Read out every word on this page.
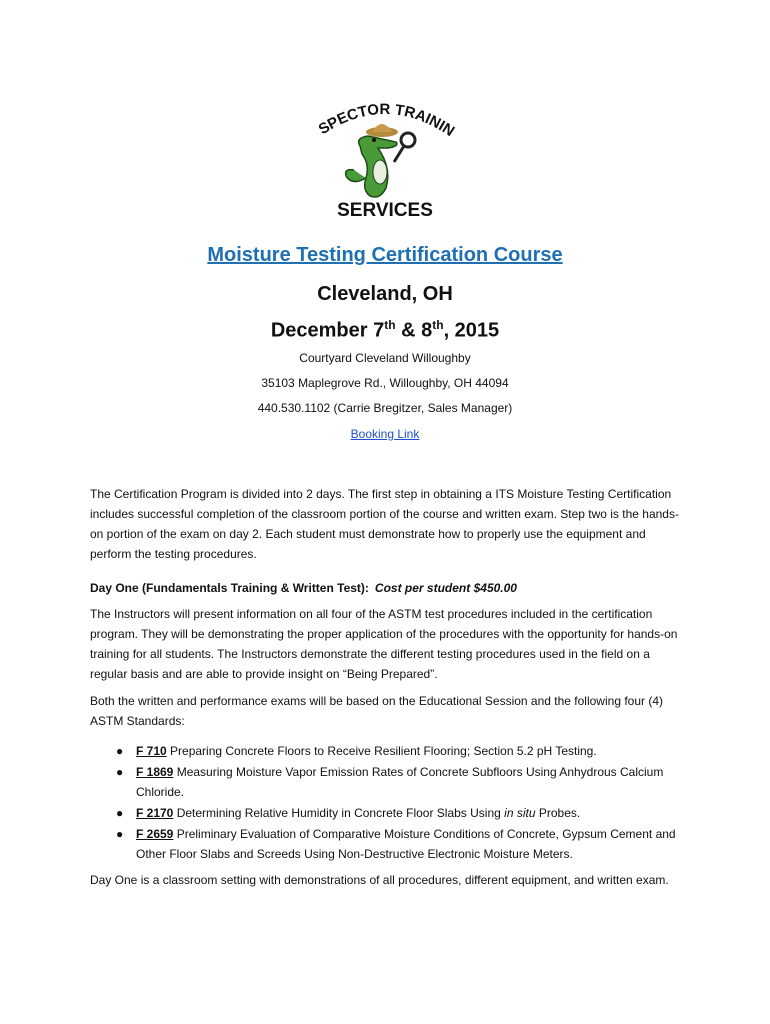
SPECTOR TRAININ
SERVICES
Moisture Testing Certification Course
Cleveland, OH
December 7th & 8th, 2015
Courtyard Cleveland Willoughby
35103 Maplegrove Rd., Willoughby, OH 44094
440.530.1102 (Carrie Bregitzer, Sales Manager)
Booking Link
The Certification Program is divided into 2 days. The first step in obtaining a ITS Moisture Testing Certification includes successful completion of the classroom portion of the course and written exam. Step two is the hands-on portion of the exam on day 2. Each student must demonstrate how to properly use the equipment and perform the testing procedures.
Day One (Fundamentals Training & Written Test): Cost per student $450.00
The Instructors will present information on all four of the ASTM test procedures included in the certification program. They will be demonstrating the proper application of the procedures with the opportunity for hands-on training for all students. The Instructors demonstrate the different testing procedures used in the field on a regular basis and are able to provide insight on “Being Prepared”.
Both the written and performance exams will be based on the Educational Session and the following four (4) ASTM Standards:
● F 710 Preparing Concrete Floors to Receive Resilient Flooring; Section 5.2 pH Testing.
● F 1869 Measuring Moisture Vapor Emission Rates of Concrete Subfloors Using Anhydrous Calcium Chloride.
● F 2170 Determining Relative Humidity in Concrete Floor Slabs Using in situ Probes.
● F 2659 Preliminary Evaluation of Comparative Moisture Conditions of Concrete, Gypsum Cement and Other Floor Slabs and Screeds Using Non-Destructive Electronic Moisture Meters.
Day One is a classroom setting with demonstrations of all procedures, different equipment, and written exam.
